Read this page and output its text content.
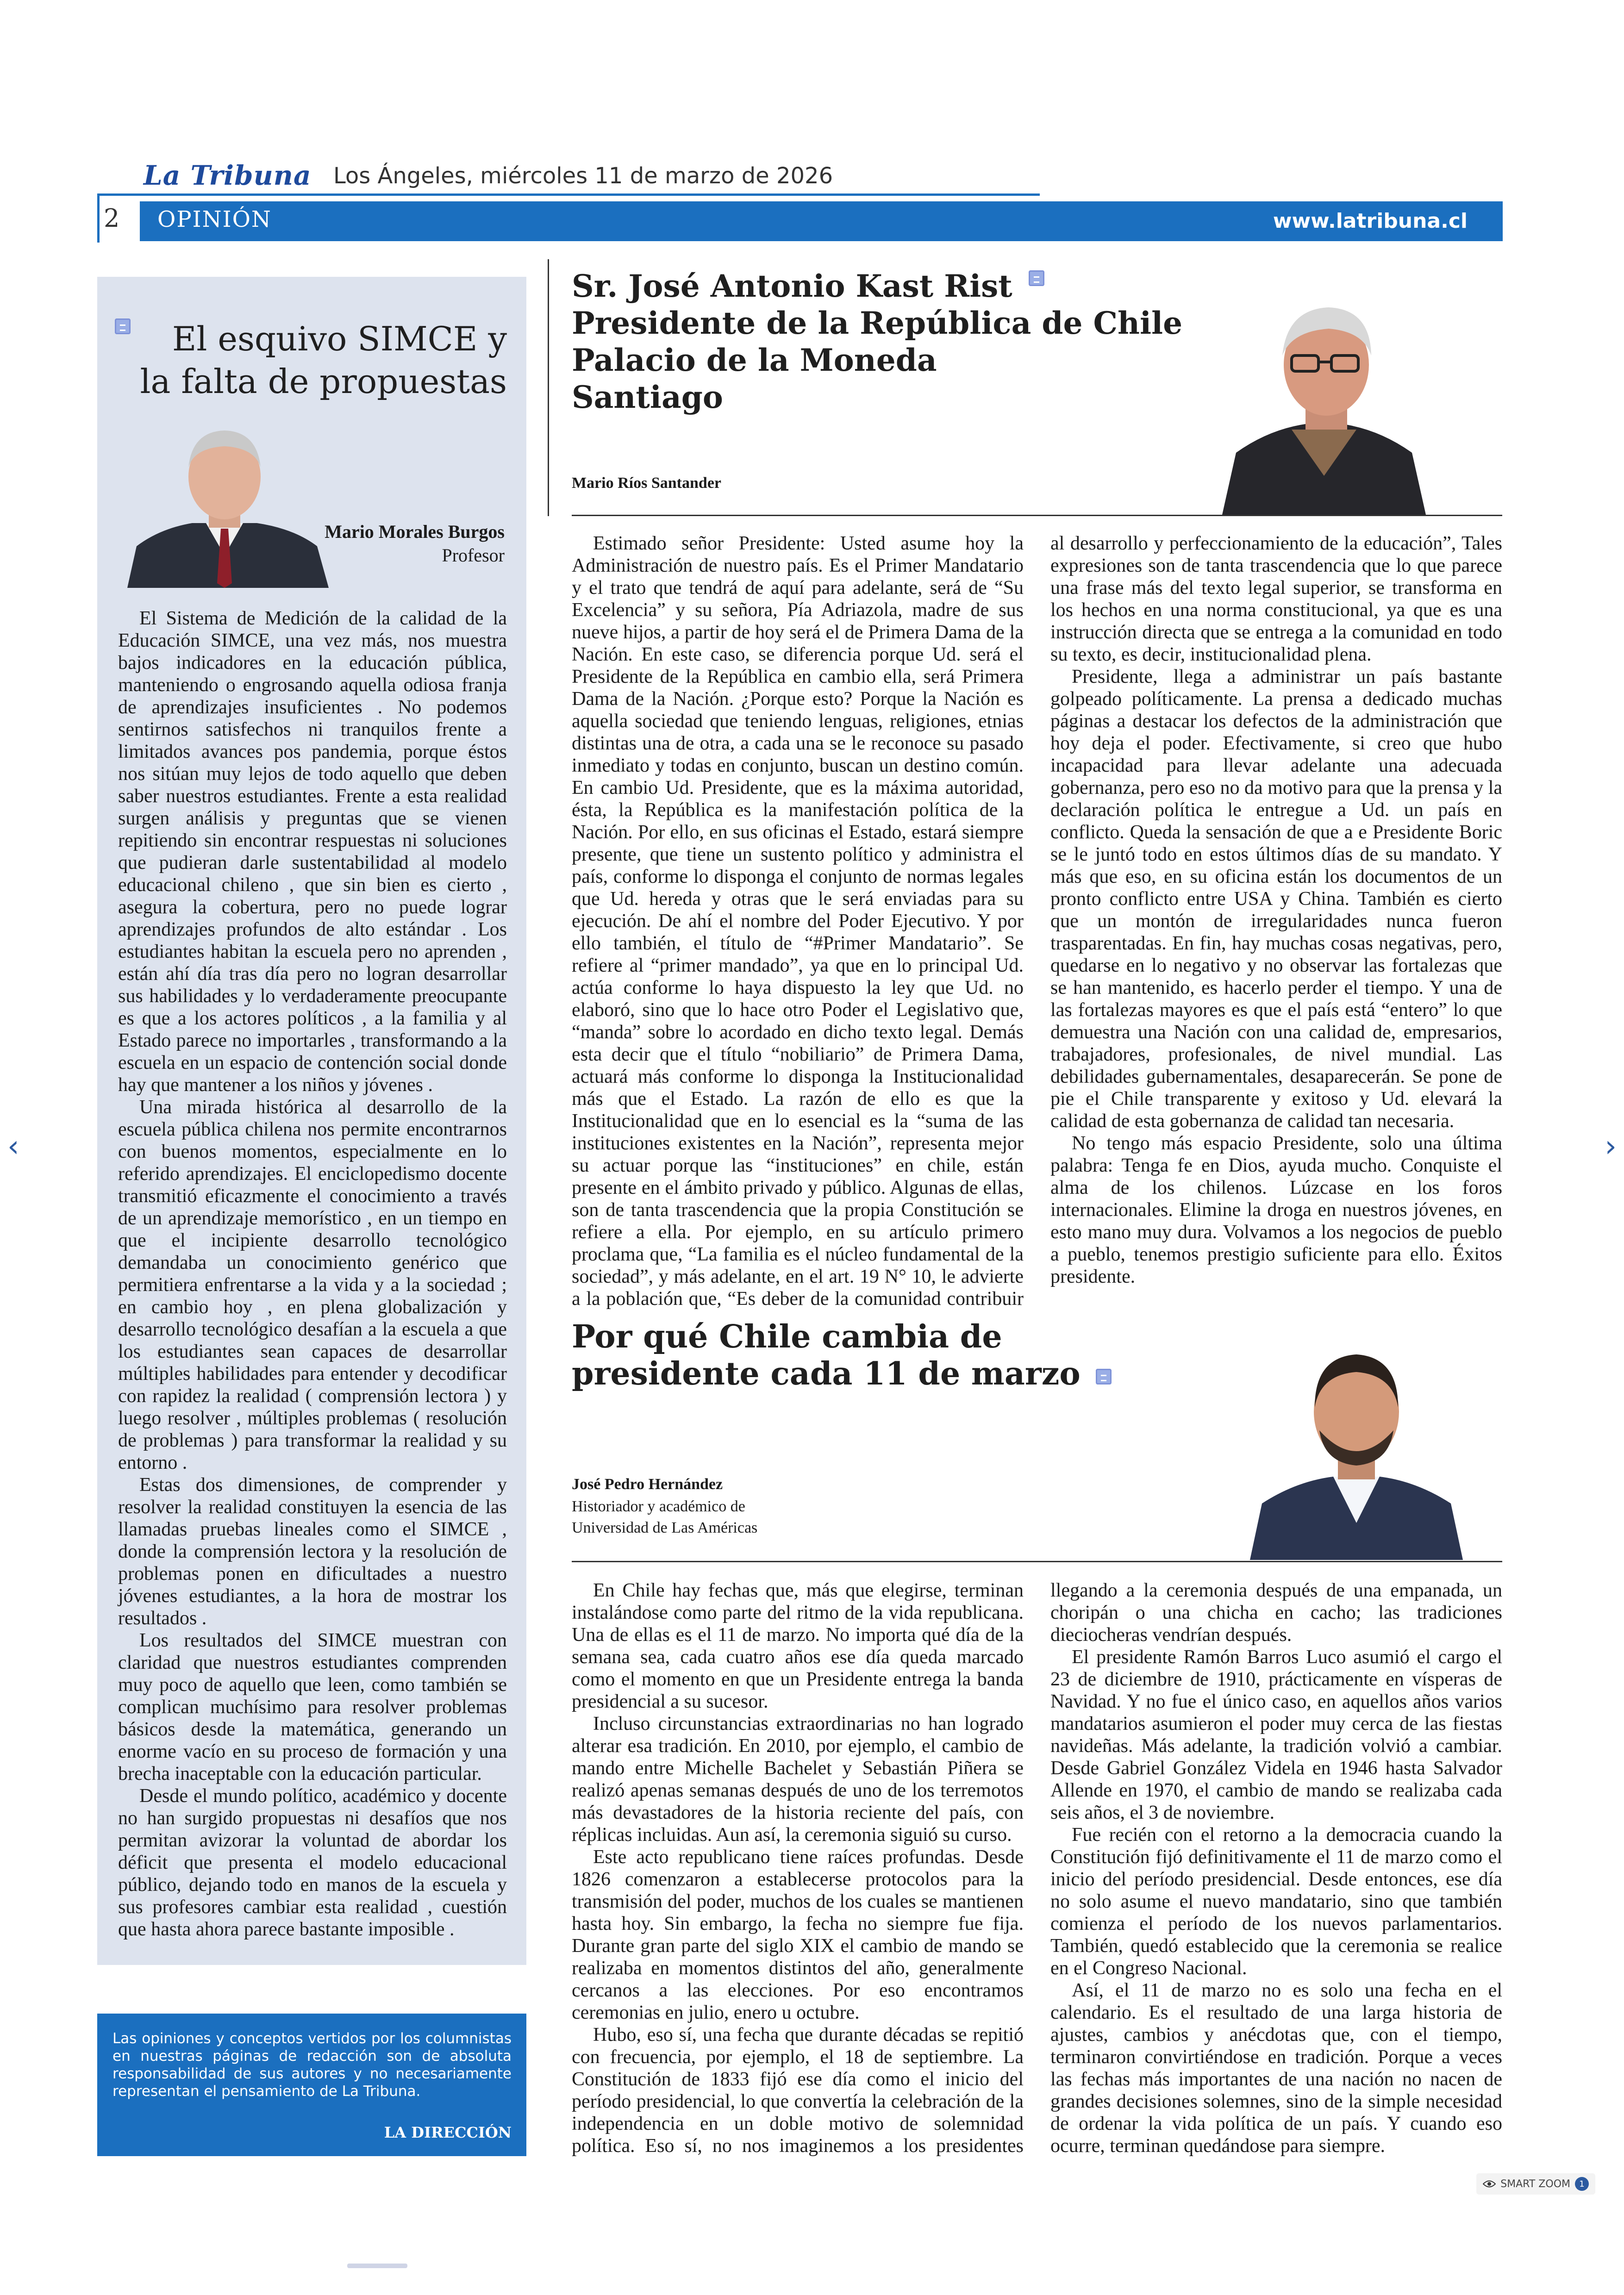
La Tribuna Los Ángeles, miércoles 11 de marzo de 2026
2 OPINIÓN	www.latribuna.cl
El esquivo SIMCE y la falta de propuestas
Mario Morales Burgos
Profesor

El Sistema de Medición de la calidad de la Educación SIMCE, una vez más, nos muestra bajos indicadores en la educación pública, manteniendo o engrosando aquella odiosa franja de aprendizajes insuficientes . No podemos sentirnos satisfechos ni tranquilos frente a limitados avances pos pandemia, porque éstos nos sitúan muy lejos de todo aquello que deben saber nuestros estudiantes. Frente a esta realidad surgen análisis y preguntas que se vienen repitiendo sin encontrar respuestas ni soluciones que pudieran darle sustentabilidad al modelo educacional chileno , que sin bien es cierto , asegura la cobertura, pero no puede lograr aprendizajes profundos de alto estándar . Los estudiantes habitan la escuela pero no aprenden , están ahí día tras día pero no logran desarrollar sus habilidades y lo verdaderamente preocupante es que a los actores políticos , a la familia y al Estado parece no importarles , transformando a la escuela en un espacio de contención social donde hay que mantener a los niños y jóvenes .

Una mirada histórica al desarrollo de la escuela pública chilena nos permite encontrarnos con buenos momentos, especialmente en lo referido aprendizajes. El enciclopedismo docente transmitió eficazmente el conocimiento a través de un aprendizaje memorístico , en un tiempo en que el incipiente desarrollo tecnológico demandaba un conocimiento genérico que permitiera enfrentarse a la vida y a la sociedad ; en cambio hoy , en plena globalización y desarrollo tecnológico desafían a la escuela a que los estudiantes sean capaces de desarrollar múltiples habilidades para entender y decodificar con rapidez la realidad ( comprensión lectora ) y luego resolver , múltiples problemas ( resolución de problemas ) para transformar la realidad y su entorno .

Estas dos dimensiones, de comprender y resolver la realidad constituyen la esencia de las llamadas pruebas lineales como el SIMCE , donde la comprensión lectora y la resolución de problemas ponen en dificultades a nuestro jóvenes estudiantes, a la hora de mostrar los resultados .

Los resultados del SIMCE muestran con claridad que nuestros estudiantes comprenden muy poco de aquello que leen, como también se complican muchísimo para resolver problemas básicos desde la matemática, generando un enorme vacío en su proceso de formación y una brecha inaceptable con la educación particular.

Desde el mundo político, académico y docente no han surgido propuestas ni desafíos que nos permitan avizorar la voluntad de abordar los déficit que presenta el modelo educacional público, dejando todo en manos de la escuela y sus profesores cambiar esta realidad , cuestión que hasta ahora parece bastante imposible .

Las opiniones y conceptos vertidos por los columnistas en nuestras páginas de redacción son de absoluta responsabilidad de sus autores y no necesariamente representan el pensamiento de La Tribuna.
LA DIRECCIÓN
Sr. José Antonio Kast Rist
Presidente de la República de Chile
Palacio de la Moneda
Santiago
Mario Ríos Santander

Estimado señor Presidente: Usted asume hoy la Administración de nuestro país. Es el Primer Mandatario y el trato que tendrá de aquí para adelante, será de “Su Excelencia” y su señora, Pía Adriazola, madre de sus nueve hijos, a partir de hoy será el de Primera Dama de la Nación. En este caso, se diferencia porque Ud. será el Presidente de la República en cambio ella, será Primera Dama de la Nación. ¿Porque esto? Porque la Nación es aquella sociedad que teniendo lenguas, religiones, etnias distintas una de otra, a cada una se le reconoce su pasado inmediato y todas en conjunto, buscan un destino común. En cambio Ud. Presidente, que es la máxima autoridad, ésta, la República es la manifestación política de la Nación. Por ello, en sus oficinas el Estado, estará siempre presente, que tiene un sustento político y administra el país, conforme lo disponga el conjunto de normas legales que Ud. hereda y otras que le será enviadas para su ejecución. De ahí el nombre del Poder Ejecutivo. Y por ello también, el título de “#Primer Mandatario”. Se refiere al “primer mandado”, ya que en lo principal Ud. actúa conforme lo haya dispuesto la ley que Ud. no elaboró, sino que lo hace otro Poder el Legislativo que, “manda” sobre lo acordado en dicho texto legal. Demás esta decir que el título “nobiliario” de Primera Dama, actuará más conforme lo disponga la Institucionalidad más que el Estado. La razón de ello es que la Institucionalidad que en lo esencial es la “suma de las instituciones existentes en la Nación”, representa mejor su actuar porque las “instituciones” en chile, están presente en el ámbito privado y público. Algunas de ellas, son de tanta trascendencia que la propia Constitución se refiere a ella. Por ejemplo, en su artículo primero proclama que, “La familia es el núcleo fundamental de la sociedad”, y más adelante, en el art. 19 N° 10, le advierte a la población que, “Es deber de la comunidad contribuir al desarrollo y perfeccionamiento de la educación”, Tales expresiones son de tanta trascendencia que lo que parece una frase más del texto legal superior, se transforma en los hechos en una norma constitucional, ya que es una instrucción directa que se entrega a la comunidad en todo su texto, es decir, institucionalidad plena.

Presidente, llega a administrar un país bastante golpeado políticamente. La prensa a dedicado muchas páginas a destacar los defectos de la administración que hoy deja el poder. Efectivamente, si creo que hubo incapacidad para llevar adelante una adecuada gobernanza, pero eso no da motivo para que la prensa y la declaración política le entregue a Ud. un país en conflicto. Queda la sensación de que a e Presidente Boric se le juntó todo en estos últimos días de su mandato. Y más que eso, en su oficina están los documentos de un pronto conflicto entre USA y China. También es cierto que un montón de irregularidades nunca fueron trasparentadas. En fin, hay muchas cosas negativas, pero, quedarse en lo negativo y no observar las fortalezas que se han mantenido, es hacerlo perder el tiempo. Y una de las fortalezas mayores es que el país está “entero” lo que demuestra una Nación con una calidad de, empresarios, trabajadores, profesionales, de nivel mundial. Las debilidades gubernamentales, desaparecerán. Se pone de pie el Chile transparente y exitoso y Ud. elevará la calidad de esta gobernanza de calidad tan necesaria.

No tengo más espacio Presidente, solo una última palabra: Tenga fe en Dios, ayuda mucho. Conquiste el alma de los chilenos. Lúzcase en los foros internacionales. Elimine la droga en nuestros jóvenes, en esto mano muy dura. Volvamos a los negocios de pueblo a pueblo, tenemos prestigio suficiente para ello. Éxitos presidente.

Por qué Chile cambia de presidente cada 11 de marzo
José Pedro Hernández
Historiador y académico de
Universidad de Las Américas

En Chile hay fechas que, más que elegirse, terminan instalándose como parte del ritmo de la vida republicana. Una de ellas es el 11 de marzo. No importa qué día de la semana sea, cada cuatro años ese día queda marcado como el momento en que un Presidente entrega la banda presidencial a su sucesor.

Incluso circunstancias extraordinarias no han logrado alterar esa tradición. En 2010, por ejemplo, el cambio de mando entre Michelle Bachelet y Sebastián Piñera se realizó apenas semanas después de uno de los terremotos más devastadores de la historia reciente del país, con réplicas incluidas. Aun así, la ceremonia siguió su curso.

Este acto republicano tiene raíces profundas. Desde 1826 comenzaron a establecerse protocolos para la transmisión del poder, muchos de los cuales se mantienen hasta hoy. Sin embargo, la fecha no siempre fue fija. Durante gran parte del siglo XIX el cambio de mando se realizaba en momentos distintos del año, generalmente cercanos a las elecciones. Por eso encontramos ceremonias en julio, enero u octubre.

Hubo, eso sí, una fecha que durante décadas se repitió con frecuencia, por ejemplo, el 18 de septiembre. La Constitución de 1833 fijó ese día como el inicio del período presidencial, lo que convertía la celebración de la independencia en un doble motivo de solemnidad política. Eso sí, no nos imaginemos a los presidentes llegando a la ceremonia después de una empanada, un choripán o una chicha en cacho; las tradiciones dieciocheras vendrían después.

El presidente Ramón Barros Luco asumió el cargo el 23 de diciembre de 1910, prácticamente en vísperas de Navidad. Y no fue el único caso, en aquellos años varios mandatarios asumieron el poder muy cerca de las fiestas navideñas. Más adelante, la tradición volvió a cambiar. Desde Gabriel González Videla en 1946 hasta Salvador Allende en 1970, el cambio de mando se realizaba cada seis años, el 3 de noviembre.

Fue recién con el retorno a la democracia cuando la Constitución fijó definitivamente el 11 de marzo como el inicio del período presidencial. Desde entonces, ese día no solo asume el nuevo mandatario, sino que también comienza el período de los nuevos parlamentarios. También, quedó establecido que la ceremonia se realice en el Congreso Nacional.

Así, el 11 de marzo no es solo una fecha en el calendario. Es el resultado de una larga historia de ajustes, cambios y anécdotas que, con el tiempo, terminaron convirtiéndose en tradición. Porque a veces las fechas más importantes de una nación no nacen de grandes decisiones solemnes, sino de la simple necesidad de ordenar la vida política de un país. Y cuando eso ocurre, terminan quedándose para siempre.

‹	›
SMART ZOOM	1
